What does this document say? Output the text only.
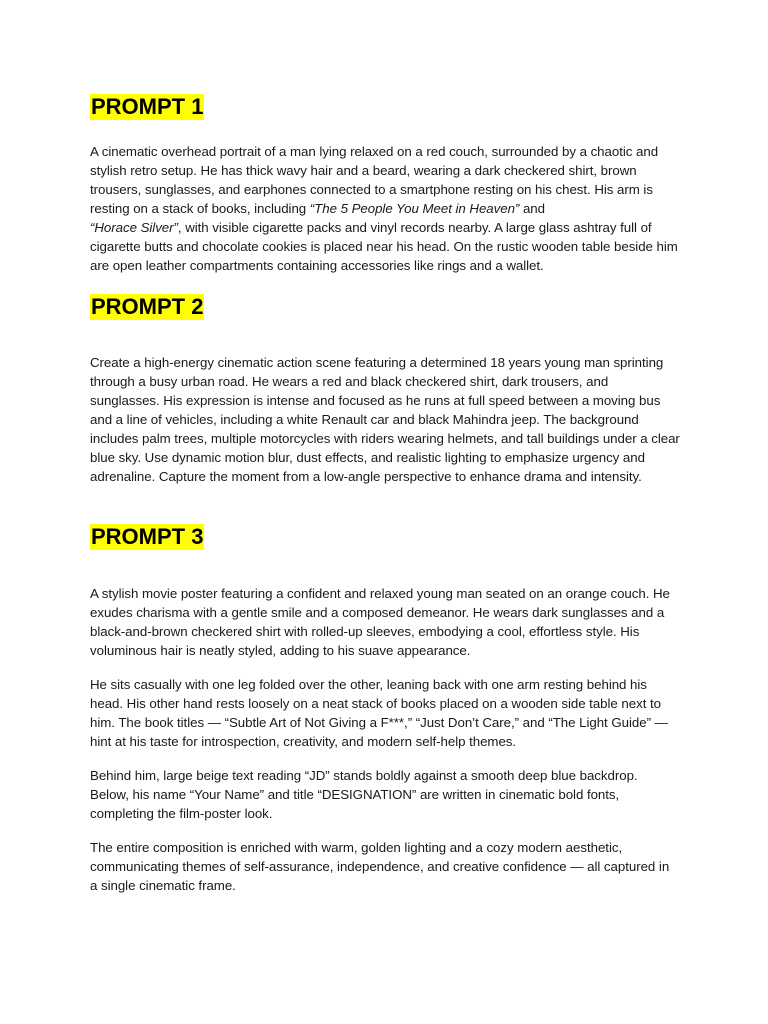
PROMPT 1

A cinematic overhead portrait of a man lying relaxed on a red couch, surrounded by a chaotic and stylish retro setup. He has thick wavy hair and a beard, wearing a dark checkered shirt, brown trousers, sunglasses, and earphones connected to a smartphone resting on his chest. His arm is resting on a stack of books, including “The 5 People You Meet in Heaven” and
“Horace Silver”, with visible cigarette packs and vinyl records nearby. A large glass ashtray full of cigarette butts and chocolate cookies is placed near his head. On the rustic wooden table beside him are open leather compartments containing accessories like rings and a wallet.

PROMPT 2

Create a high-energy cinematic action scene featuring a determined 18 years young man sprinting through a busy urban road. He wears a red and black checkered shirt, dark trousers, and sunglasses. His expression is intense and focused as he runs at full speed between a moving bus and a line of vehicles, including a white Renault car and black Mahindra jeep. The background includes palm trees, multiple motorcycles with riders wearing helmets, and tall buildings under a clear blue sky. Use dynamic motion blur, dust effects, and realistic lighting to emphasize urgency and adrenaline. Capture the moment from a low-angle perspective to enhance drama and intensity.

PROMPT 3

A stylish movie poster featuring a confident and relaxed young man seated on an orange couch. He exudes charisma with a gentle smile and a composed demeanor. He wears dark sunglasses and a black-and-brown checkered shirt with rolled-up sleeves, embodying a cool, effortless style. His voluminous hair is neatly styled, adding to his suave appearance.

He sits casually with one leg folded over the other, leaning back with one arm resting behind his head. His other hand rests loosely on a neat stack of books placed on a wooden side table next to him. The book titles — “Subtle Art of Not Giving a F***,” “Just Don’t Care,” and “The Light Guide” — hint at his taste for introspection, creativity, and modern self-help themes.

Behind him, large beige text reading “JD” stands boldly against a smooth deep blue backdrop. Below, his name “Your Name” and title “DESIGNATION” are written in cinematic bold fonts, completing the film-poster look.

The entire composition is enriched with warm, golden lighting and a cozy modern aesthetic, communicating themes of self-assurance, independence, and creative confidence — all captured in a single cinematic frame.
